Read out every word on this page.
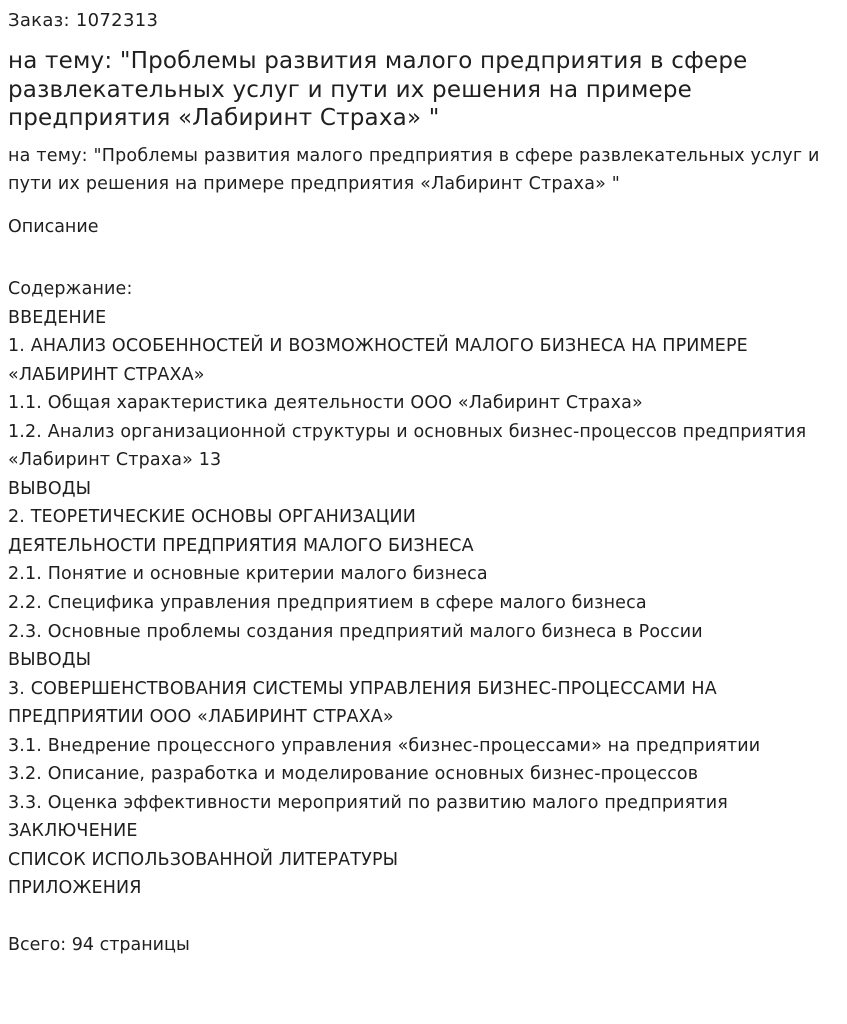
Заказ: 1072313

на тему: "Проблемы развития малого предприятия в сфере развлекательных услуг и пути их решения на примере предприятия «Лабиринт Страха» "

на тему: "Проблемы развития малого предприятия в сфере развлекательных услуг и пути их решения на примере предприятия «Лабиринт Страха» "

Описание

Содержание:

ВВЕДЕНИЕ
1. АНАЛИЗ ОСОБЕННОСТЕЙ И ВОЗМОЖНОСТЕЙ МАЛОГО БИЗНЕСА НА ПРИМЕРЕ «ЛАБИРИНТ СТРАХА»
1.1. Общая характеристика деятельности ООО «Лабиринт Страха»
1.2. Анализ организационной структуры и основных бизнес-процессов предприятия «Лабиринт Страха» 13
ВЫВОДЫ
2. ТЕОРЕТИЧЕСКИЕ ОСНОВЫ ОРГАНИЗАЦИИ
ДЕЯТЕЛЬНОСТИ ПРЕДПРИЯТИЯ МАЛОГО БИЗНЕСА
2.1. Понятие и основные критерии малого бизнеса
2.2. Специфика управления предприятием в сфере малого бизнеса
2.3. Основные проблемы создания предприятий малого бизнеса в России
ВЫВОДЫ
3. СОВЕРШЕНСТВОВАНИЯ СИСТЕМЫ УПРАВЛЕНИЯ БИЗНЕС-ПРОЦЕССАМИ НА ПРЕДПРИЯТИИ ООО «ЛАБИРИНТ СТРАХА»
3.1. Внедрение процессного управления «бизнес-процессами» на предприятии
3.2. Описание, разработка и моделирование основных бизнес-процессов
3.3. Оценка эффективности мероприятий по развитию малого предприятия
ЗАКЛЮЧЕНИЕ
СПИСОК ИСПОЛЬЗОВАННОЙ ЛИТЕРАТУРЫ
ПРИЛОЖЕНИЯ

Всего: 94 страницы
